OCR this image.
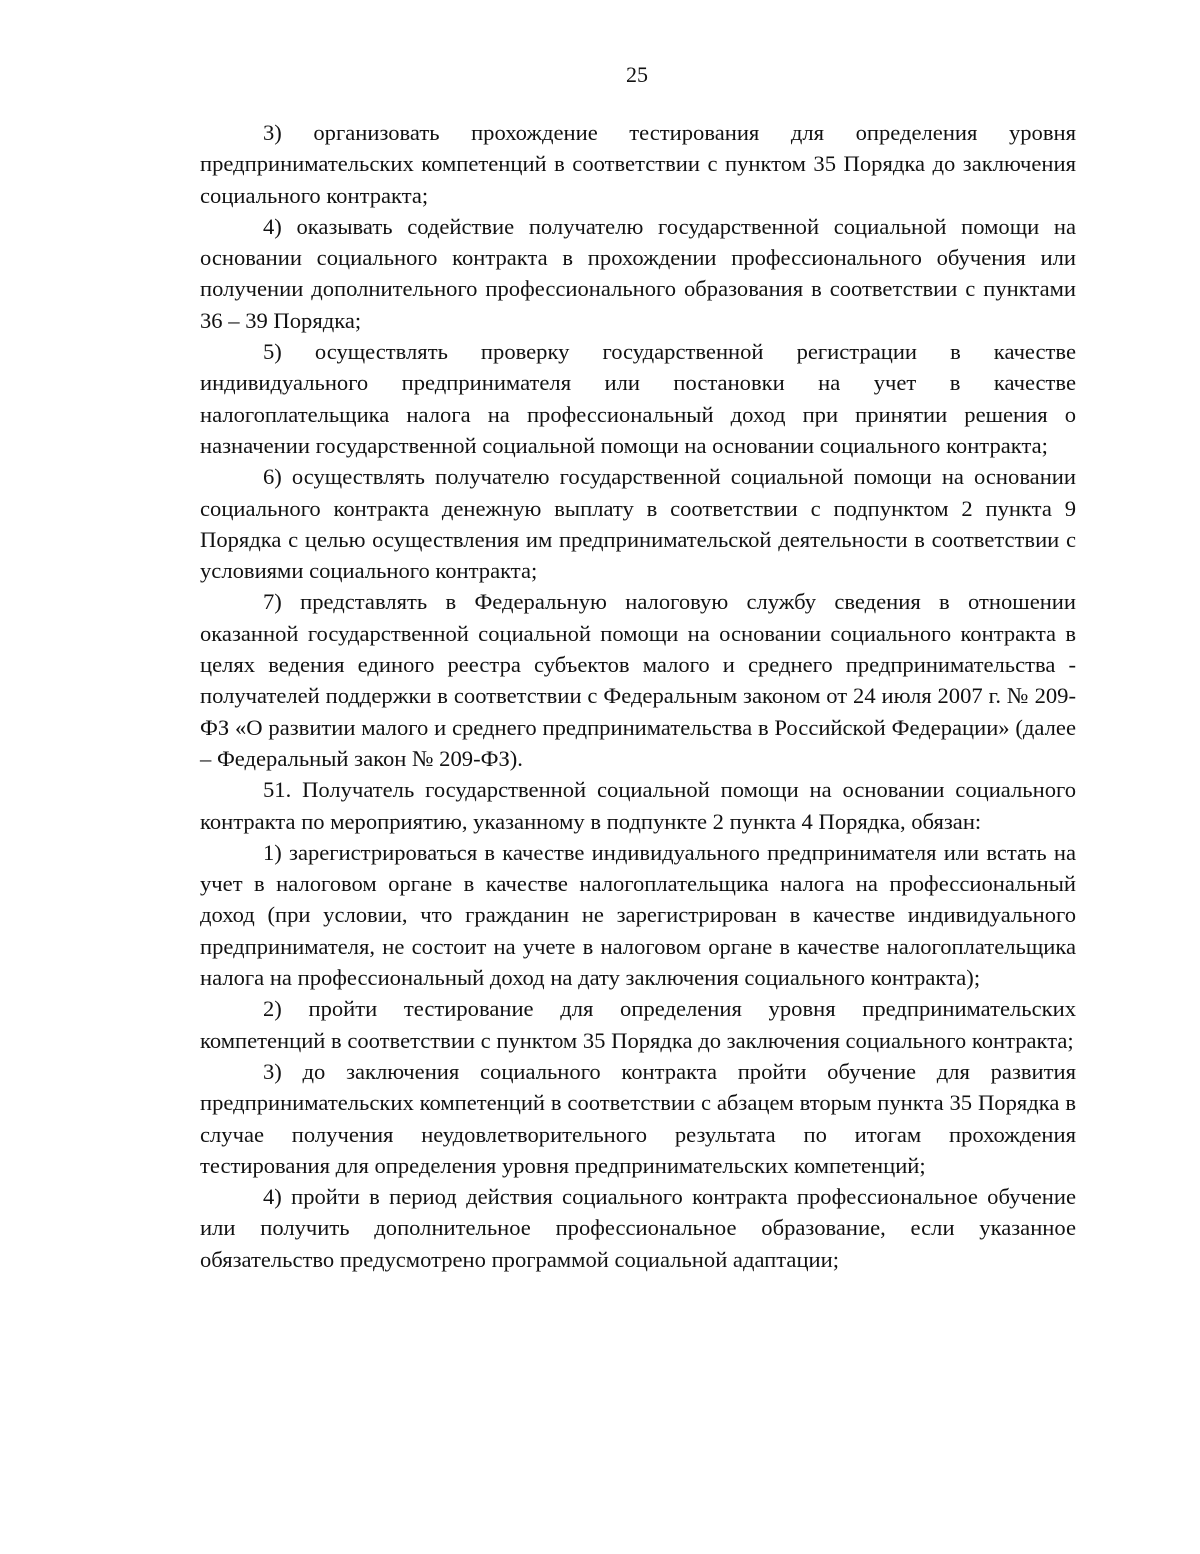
25

3) организовать прохождение тестирования для определения уровня предпринимательских компетенций в соответствии с пунктом 35 Порядка до заключения социального контракта;

4) оказывать содействие получателю государственной социальной помощи на основании социального контракта в прохождении профессионального обучения или получении дополнительного профессионального образования в соответствии с пунктами 36 – 39 Порядка;

5) осуществлять проверку государственной регистрации в качестве индивидуального предпринимателя или постановки на учет в качестве налогоплательщика налога на профессиональный доход при принятии решения о назначении государственной социальной помощи на основании социального контракта;

6) осуществлять получателю государственной социальной помощи на основании социального контракта денежную выплату в соответствии с подпунктом 2 пункта 9 Порядка с целью осуществления им предпринимательской деятельности в соответствии с условиями социального контракта;

7) представлять в Федеральную налоговую службу сведения в отношении оказанной государственной социальной помощи на основании социального контракта в целях ведения единого реестра субъектов малого и среднего предпринимательства - получателей поддержки в соответствии с Федеральным законом от 24 июля 2007 г. № 209-ФЗ «О развитии малого и среднего предпринимательства в Российской Федерации» (далее – Федеральный закон № 209-ФЗ).

51. Получатель государственной социальной помощи на основании социального контракта по мероприятию, указанному в подпункте 2 пункта 4 Порядка, обязан:

1) зарегистрироваться в качестве индивидуального предпринимателя или встать на учет в налоговом органе в качестве налогоплательщика налога на профессиональный доход (при условии, что гражданин не зарегистрирован в качестве индивидуального предпринимателя, не состоит на учете в налоговом органе в качестве налогоплательщика налога на профессиональный доход на дату заключения социального контракта);

2) пройти тестирование для определения уровня предпринимательских компетенций в соответствии с пунктом 35 Порядка до заключения социального контракта;

3) до заключения социального контракта пройти обучение для развития предпринимательских компетенций в соответствии с абзацем вторым пункта 35 Порядка в случае получения неудовлетворительного результата по итогам прохождения тестирования для определения уровня предпринимательских компетенций;

4) пройти в период действия социального контракта профессиональное обучение или получить дополнительное профессиональное образование, если указанное обязательство предусмотрено программой социальной адаптации;
